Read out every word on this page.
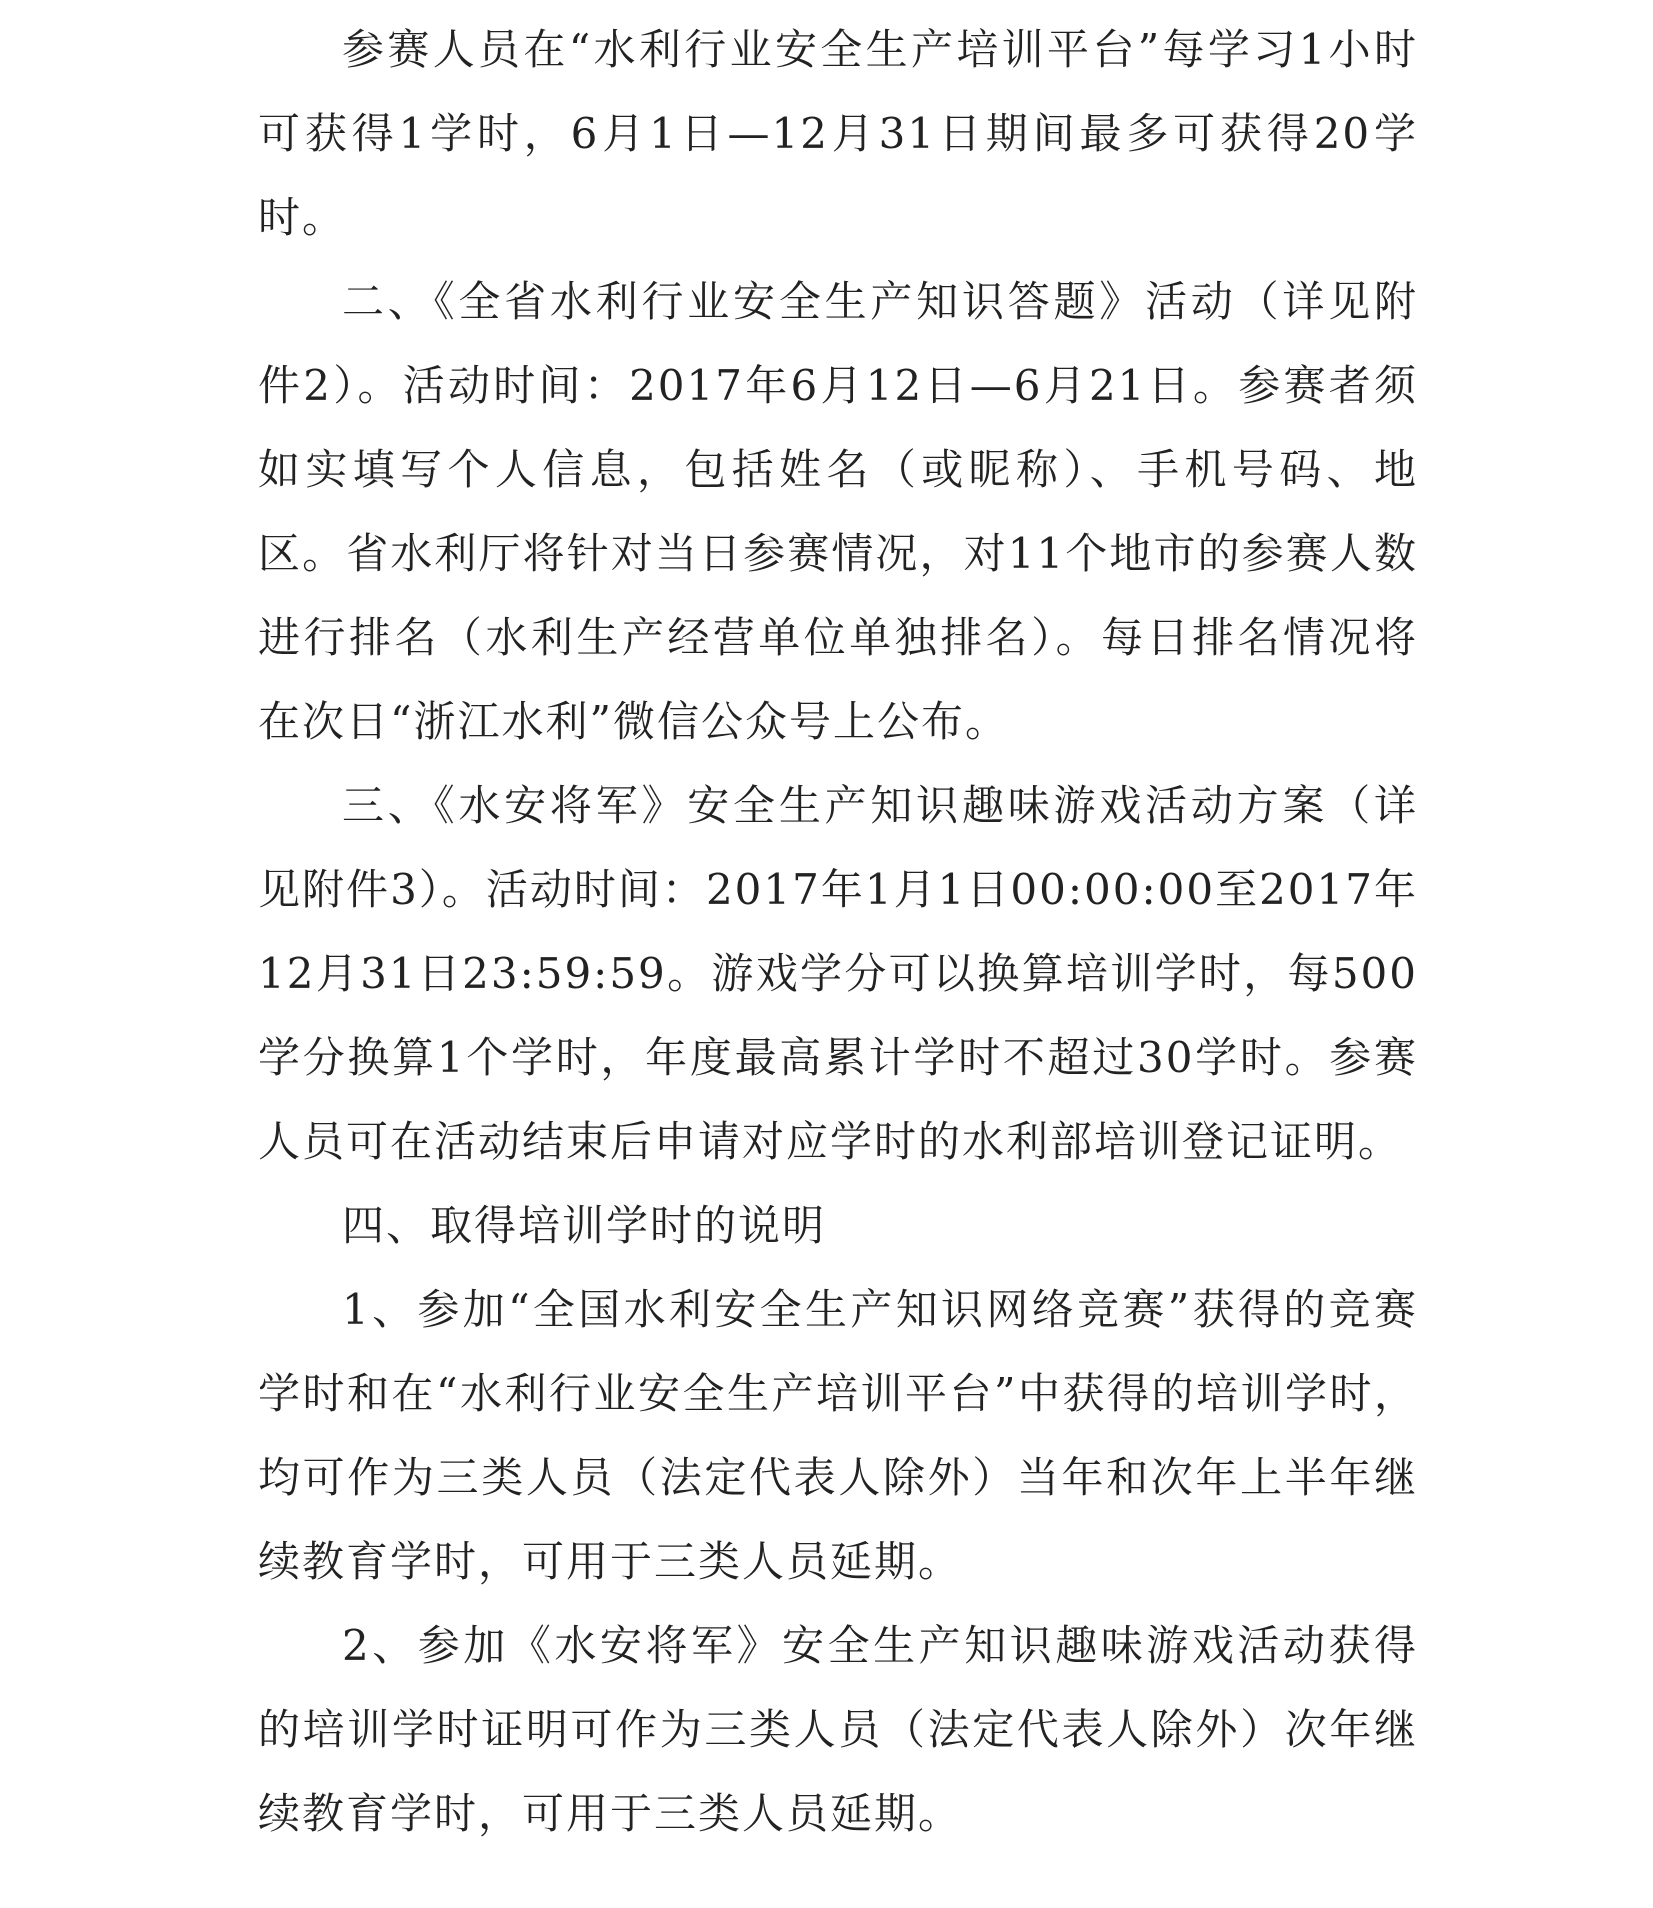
参赛人员在“水利行业安全生产培训平台”每学习1小时可获得1学时，6月1日—12月31日期间最多可获得20学时。

二、《全省水利行业安全生产知识答题》活动（详见附件2）。活动时间：2017年6月12日—6月21日。参赛者须如实填写个人信息，包括姓名（或昵称）、手机号码、地区。省水利厅将针对当日参赛情况，对11个地市的参赛人数进行排名（水利生产经营单位单独排名）。每日排名情况将在次日“浙江水利”微信公众号上公布。

三、《水安将军》安全生产知识趣味游戏活动方案（详见附件3）。活动时间：2017年1月1日00:00:00至2017年12月31日23:59:59。游戏学分可以换算培训学时，每500学分换算1个学时，年度最高累计学时不超过30学时。参赛人员可在活动结束后申请对应学时的水利部培训登记证明。

四、取得培训学时的说明

1、参加“全国水利安全生产知识网络竞赛”获得的竞赛学时和在“水利行业安全生产培训平台”中获得的培训学时，均可作为三类人员（法定代表人除外）当年和次年上半年继续教育学时，可用于三类人员延期。

2、参加《水安将军》安全生产知识趣味游戏活动获得的培训学时证明可作为三类人员（法定代表人除外）次年继续教育学时，可用于三类人员延期。
